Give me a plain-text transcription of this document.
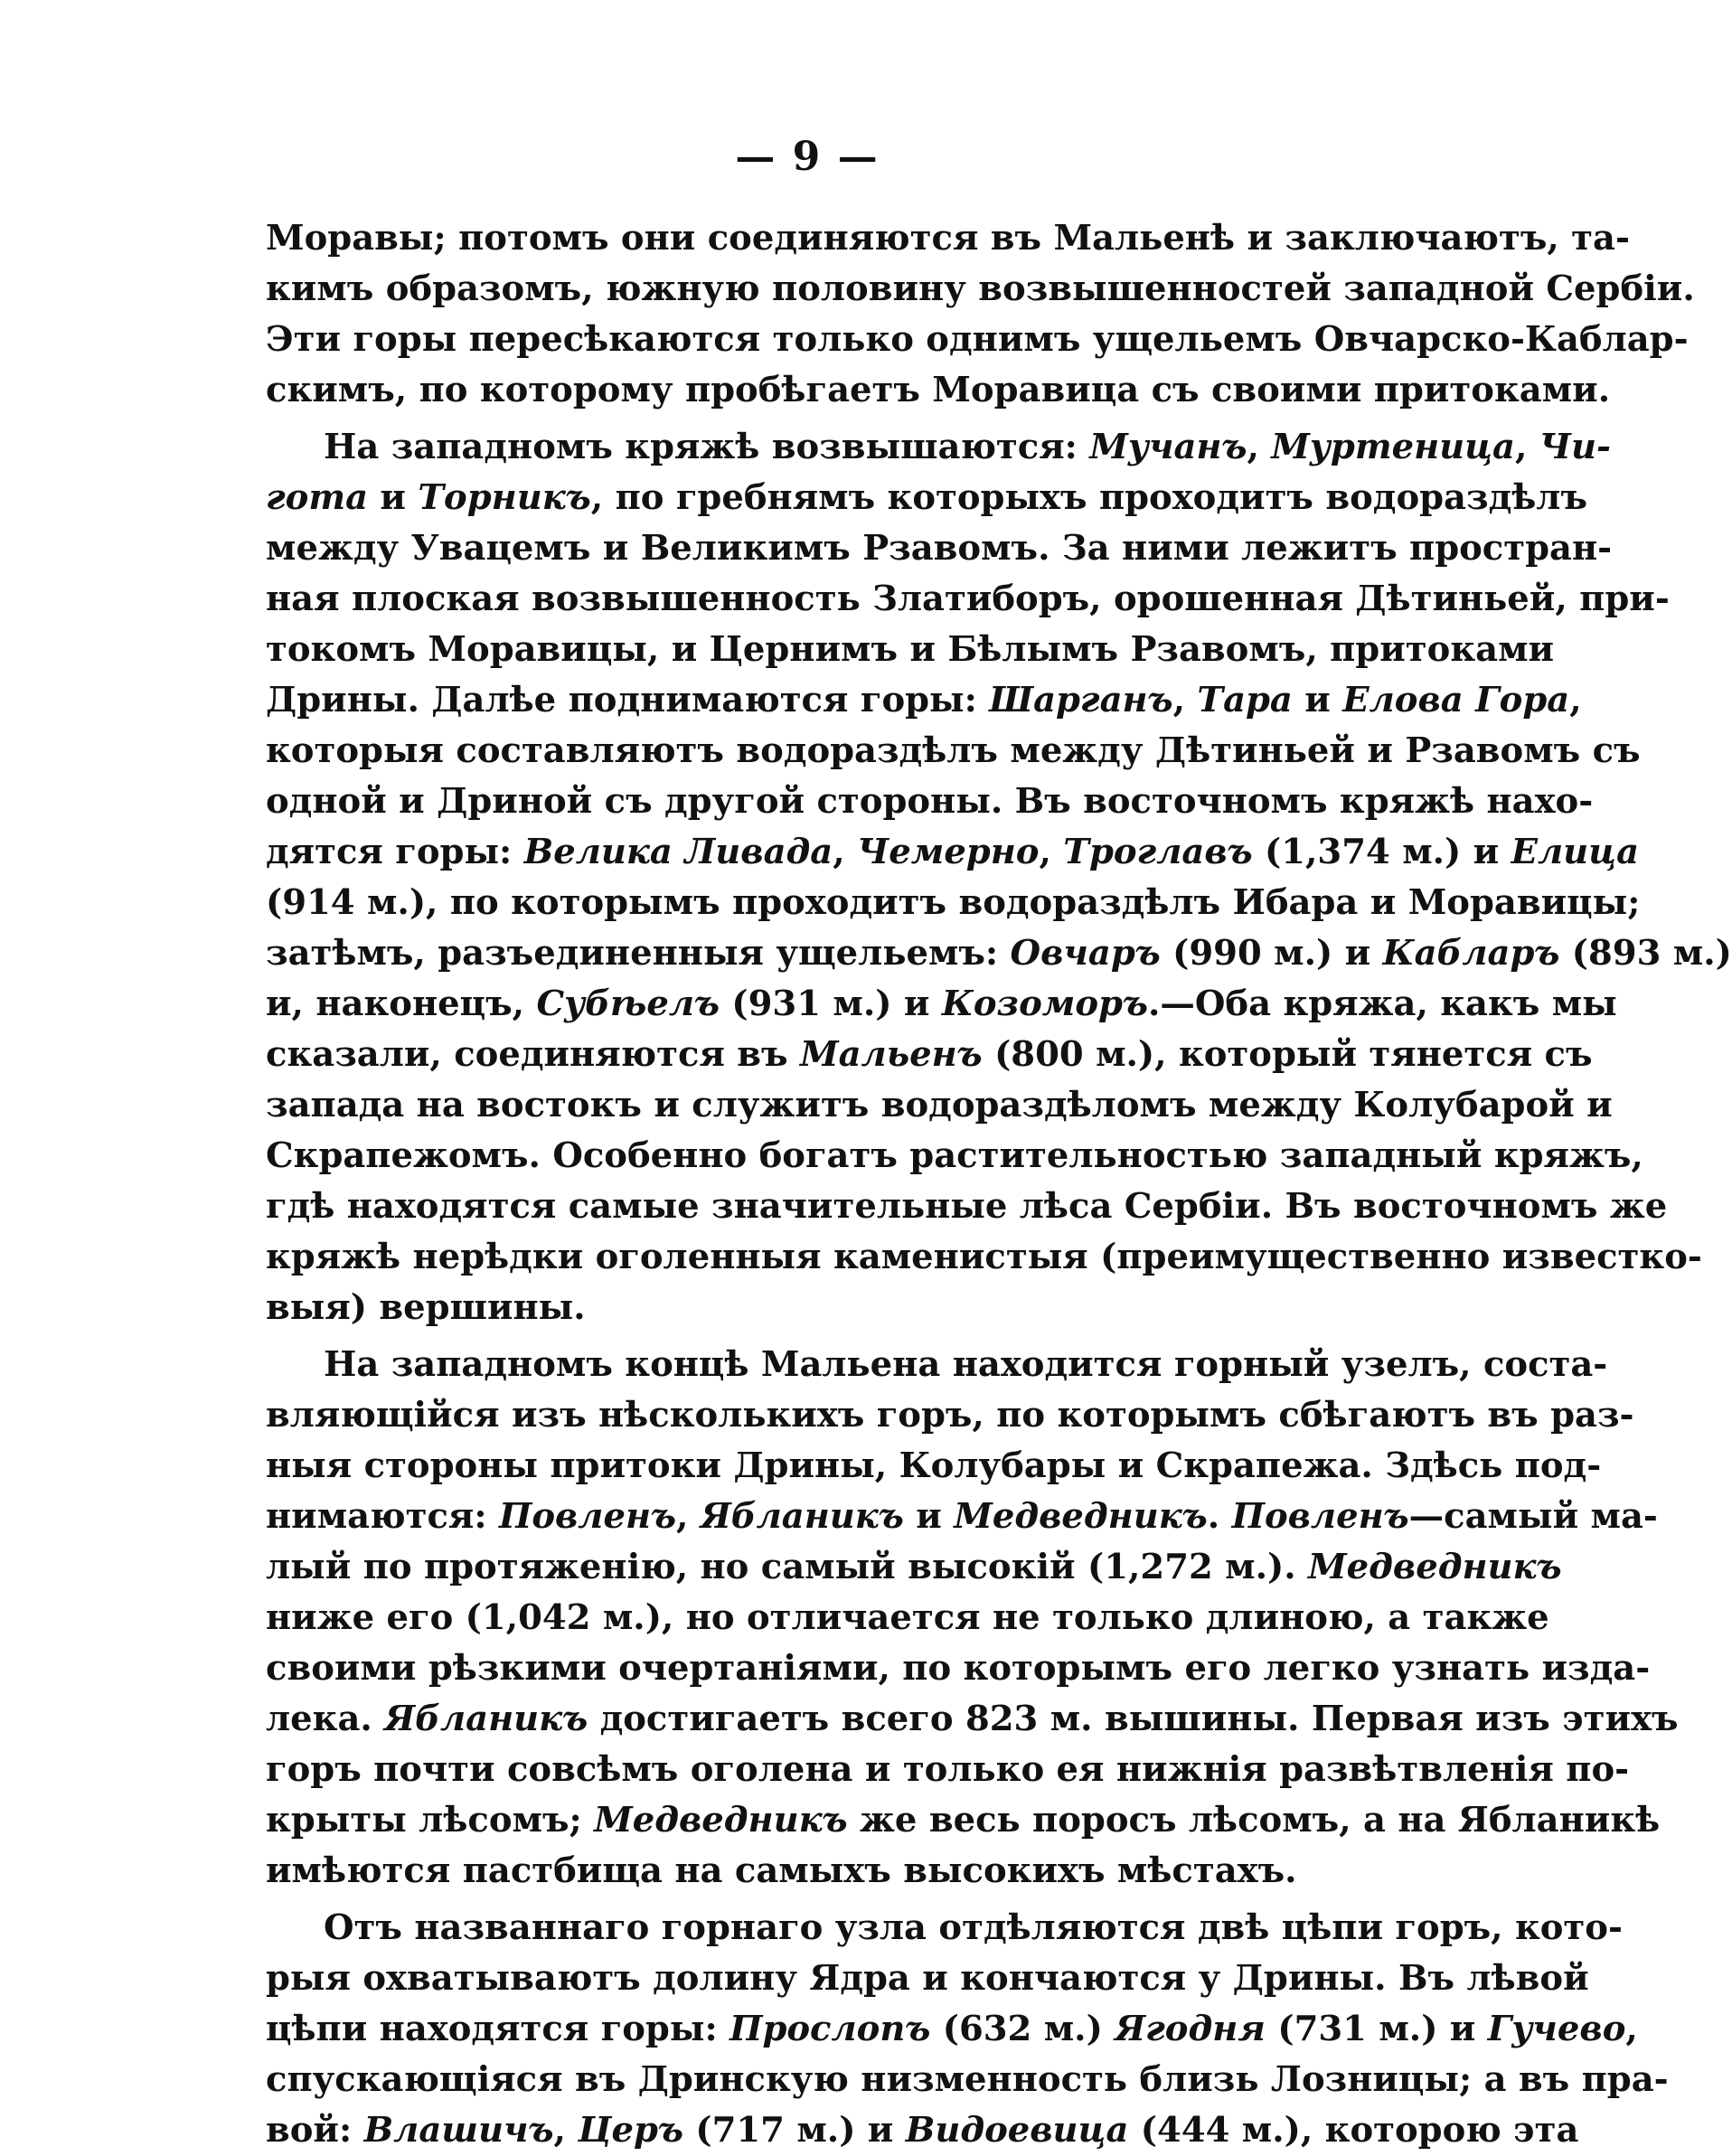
— 9 —
Моравы; потомъ они соединяются въ Мальенѣ и заключаютъ, та-
кимъ образомъ, южную половину возвышенностей западной Сербіи.
Эти горы пересѣкаются только однимъ ущельемъ Овчарско-Каблар-
скимъ, по которому пробѣгаетъ Моравица съ своими притоками.
На западномъ кряжѣ возвышаются: Мучанъ, Муртеница, Чи-
гота и Торникъ, по гребнямъ которыхъ проходитъ водораздѣлъ
между Увацемъ и Великимъ Рзавомъ. За ними лежитъ простран-
ная плоская возвышенность Златиборъ, орошенная Дѣтиньей, при-
токомъ Моравицы, и Цернимъ и Бѣлымъ Рзавомъ, притоками
Дрины. Далѣе поднимаются горы: Шарганъ, Тара и Елова Гора,
которыя составляютъ водораздѣлъ между Дѣтиньей и Рзавомъ съ
одной и Дриной съ другой стороны. Въ восточномъ кряжѣ нахо-
дятся горы: Велика Ливада, Чемерно, Троглавъ (1,374 м.) и Елица
(914 м.), по которымъ проходитъ водораздѣлъ Ибара и Моравицы;
затѣмъ, разъединенныя ущельемъ: Овчаръ (990 м.) и Кабларъ (893 м.)
и, наконецъ, Субѣелъ (931 м.) и Козоморъ.—Оба кряжа, какъ мы
сказали, соединяются въ Мальенъ (800 м.), который тянется съ
запада на востокъ и служитъ водораздѣломъ между Колубарой и
Скрапежомъ. Особенно богатъ растительностью западный кряжъ,
гдѣ находятся самые значительные лѣса Сербіи. Въ восточномъ же
кряжѣ нерѣдки оголенныя каменистыя (преимущественно известко-
выя) вершины.
На западномъ концѣ Мальена находится горный узелъ, соста-
вляющійся изъ нѣсколькихъ горъ, по которымъ сбѣгаютъ въ раз-
ныя стороны притоки Дрины, Колубары и Скрапежа. Здѣсь под-
нимаются: Повленъ, Ябланикъ и Медведникъ. Повленъ—самый ма-
лый по протяженію, но самый высокій (1,272 м.). Медведникъ
ниже его (1,042 м.), но отличается не только длиною, а также
своими рѣзкими очертаніями, по которымъ его легко узнать изда-
лека. Ябланикъ достигаетъ всего 823 м. вышины. Первая изъ этихъ
горъ почти совсѣмъ оголена и только ея нижнія развѣтвленія по-
крыты лѣсомъ; Медведникъ же весь поросъ лѣсомъ, а на Ябланикѣ
имѣются пастбища на самыхъ высокихъ мѣстахъ.
Отъ названнаго горнаго узла отдѣляются двѣ цѣпи горъ, кото-
рыя охватываютъ долину Ядра и кончаются у Дрины. Въ лѣвой
цѣпи находятся горы: Прослопъ (632 м.) Ягодня (731 м.) и Гучево,
спускающіяся въ Дринскую низменность близь Лозницы; а въ пра-
вой: Влашичъ, Церъ (717 м.) и Видоевица (444 м.), которою эта
